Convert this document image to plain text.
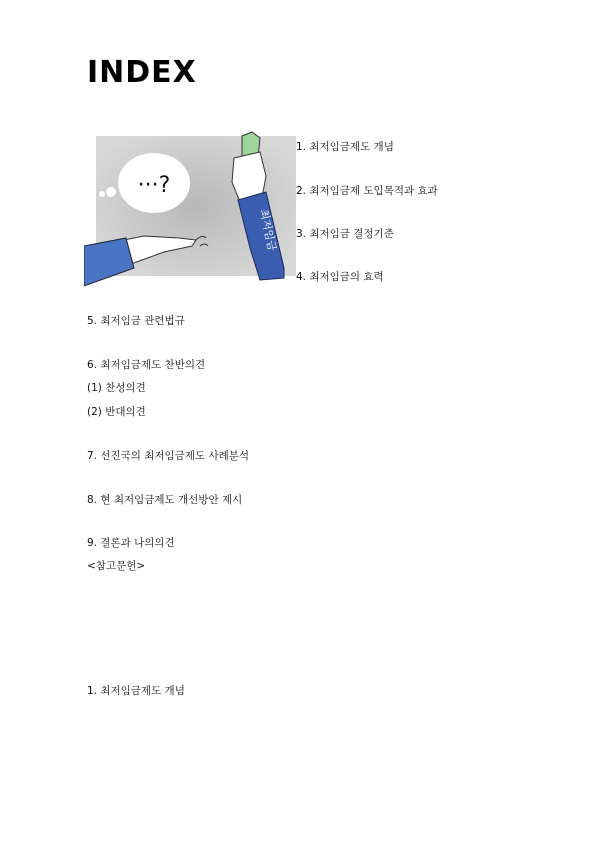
INDEX
···?
최저임금
1. 최저임금제도 개념
2. 최저임금제 도입목적과 효과
3. 최저임금 결정기준
4. 최저임금의 효력
5. 최저임금 관련법규
6. 최저임금제도 찬반의견
(1) 찬성의견
(2) 반대의견
7. 선진국의 최저임금제도 사례분석
8. 현 최저임금제도 개선방안 제시
9. 결론과 나의의견
<참고문헌>
1. 최저임금제도 개념
